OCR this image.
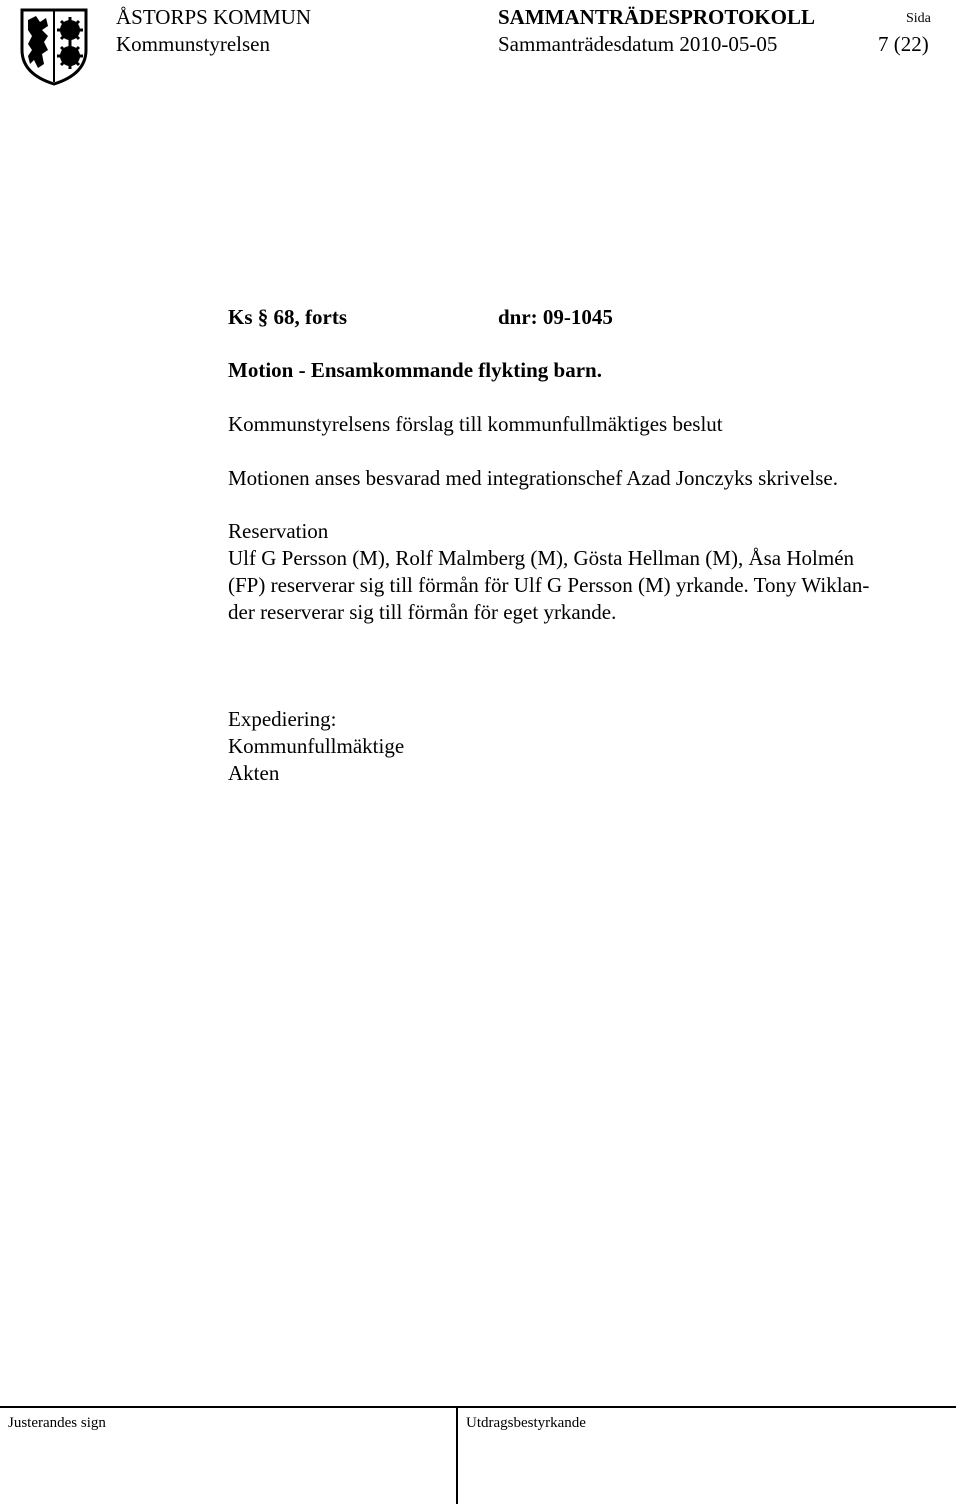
ÅSTORPS KOMMUN
Kommunstyrelsen
SAMMANTRÄDESPROTOKOLL
Sammanträdesdatum 2010-05-05
Sida
7 (22)
Ks § 68, forts	dnr: 09-1045
Motion - Ensamkommande flykting barn.
Kommunstyrelsens förslag till kommunfullmäktiges beslut
Motionen anses besvarad med integrationschef Azad Jonczyks skrivelse.
Reservation
Ulf G Persson (M), Rolf Malmberg (M), Gösta Hellman (M), Åsa Holmén
(FP) reserverar sig till förmån för Ulf G Persson (M) yrkande. Tony Wiklan-
der reserverar sig till förmån för eget yrkande.
Expediering:
Kommunfullmäktige
Akten
Justerandes sign	Utdragsbestyrkande
